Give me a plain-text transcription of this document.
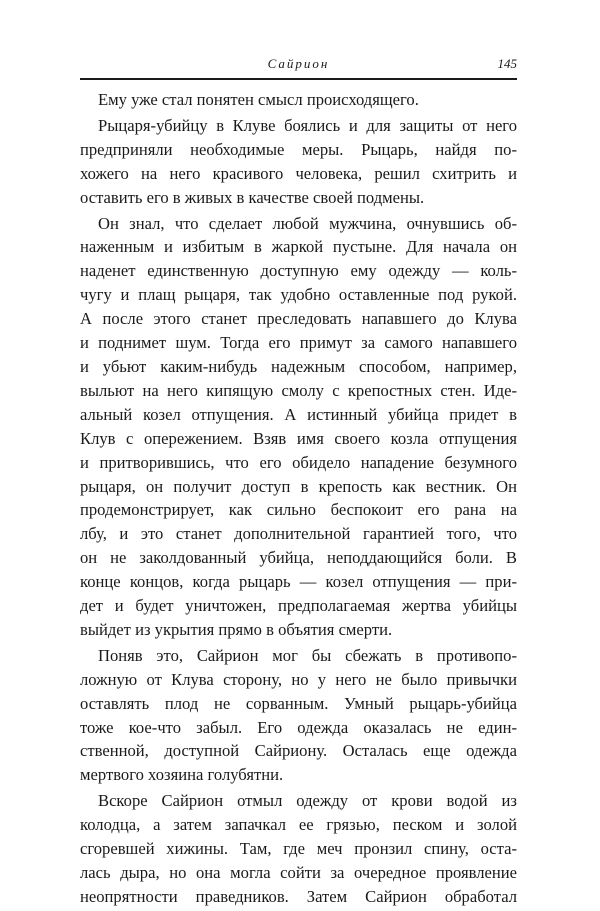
Сайрион	145
Ему уже стал понятен смысл происходящего.
Рыцаря-убийцу в Клуве боялись и для защиты от него
предприняли необходимые меры. Рыцарь, найдя по-
хожего на него красивого человека, решил схитрить и
оставить его в живых в качестве своей подмены.
Он знал, что сделает любой мужчина, очнувшись об-
наженным и избитым в жаркой пустыне. Для начала он
наденет единственную доступную ему одежду — коль-
чугу и плащ рыцаря, так удобно оставленные под рукой.
А после этого станет преследовать напавшего до Клува
и поднимет шум. Тогда его примут за самого напавшего
и убьют каким-нибудь надежным способом, например,
выльют на него кипящую смолу с крепостных стен. Иде-
альный козел отпущения. А истинный убийца придет в
Клув с опережением. Взяв имя своего козла отпущения
и притворившись, что его обидело нападение безумного
рыцаря, он получит доступ в крепость как вестник. Он
продемонстрирует, как сильно беспокоит его рана на
лбу, и это станет дополнительной гарантией того, что
он не заколдованный убийца, неподдающийся боли. В
конце концов, когда рыцарь — козел отпущения — при-
дет и будет уничтожен, предполагаемая жертва убийцы
выйдет из укрытия прямо в объятия смерти.
Поняв это, Сайрион мог бы сбежать в противопо-
ложную от Клува сторону, но у него не было привычки
оставлять плод не сорванным. Умный рыцарь-убийца
тоже кое-что забыл. Его одежда оказалась не един-
ственной, доступной Сайриону. Осталась еще одежда
мертвого хозяина голубятни.
Вскоре Сайрион отмыл одежду от крови водой из
колодца, а затем запачкал ее грязью, песком и золой
сгоревшей хижины. Там, где меч пронзил спину, оста-
лась дыра, но она могла сойти за очередное проявление
неопрятности праведников. Затем Сайрион обработал
